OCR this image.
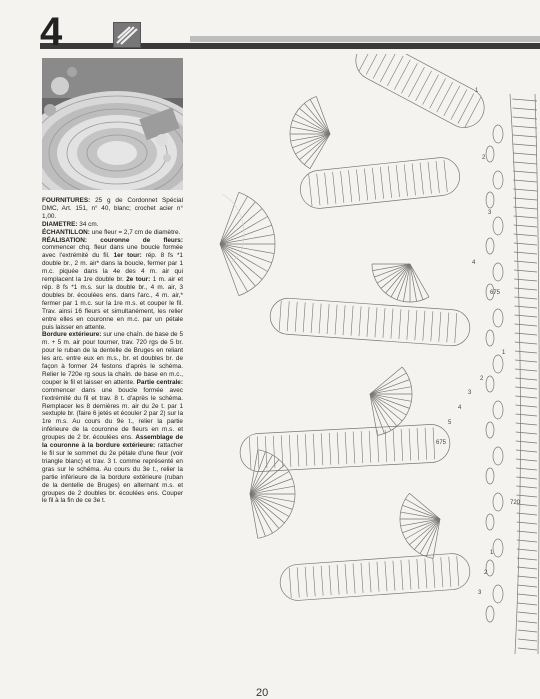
4

FOURNITURES: 25 g de Cordonnet Spécial DMC, Art. 151, n° 40, blanc; crochet acier n° 1,00.

DIAMETRE: 34 cm.

ÉCHANTILLON: une fleur = 2,7 cm de diamètre.

RÉALISATION: couronne de fleurs: commencer chq. fleur dans une boucle formée avec l'extrémité du fil. 1er tour: rép. 8 fs *1 double br., 2 m. air* dans la boucle, fermer par 1 m.c. piquée dans la 4e des 4 m. air qui remplacent la 1re double br. 2e tour: 1 m. air et rép. 8 fs *1 m.s. sur la double br., 4 m. air, 3 doubles br. écoulées ens. dans l'arc., 4 m. air,* fermer par 1 m.c. sur la 1re m.s. et couper le fil. Trav. ainsi 16 fleurs et simultanément, les relier entre elles en couronne en m.c. par un pétale puis laisser en attente.

Bordure extérieure: sur une chaîn. de base de 5 m. + 5 m. air pour tourner, trav. 720 rgs de 5 br. pour le ruban de la dentelle de Bruges en reliant les arc. entre eux en m.s., br. et doubles br. de façon à former 24 festons d'après le schéma. Relier le 720e rg sous la chaîn. de base en m.c., couper le fil et laisser en attente. Partie centrale: commencer dans une boucle formée avec l'extrémité du fil et trav. 8 t. d'après le schéma. Remplacer les 8 dernières m. air du 2e t. par 1 sextuple br. (faire 6 jetés et écouler 2 par 2) sur la 1re m.s. Au cours du 9e t., relier la partie inférieure de la couronne de fleurs en m.s. et groupes de 2 br. écoulées ens. Assemblage de la couronne à la bordure extérieure: rattacher le fil sur le sommet du 2e pétale d'une fleur (voir triangle blanc) et trav. 3 t. comme représenté en gras sur le schéma. Au cours du 3e t., relier la partie inférieure de la bordure extérieure (ruban de la dentelle de Bruges) en alternant m.s. et groupes de 2 doubles br. écoulées ens. Couper le fil à la fin de ce 3e t.

1
2
3
4
675
1
2
3
4
5
675
720
1
2
3
20
